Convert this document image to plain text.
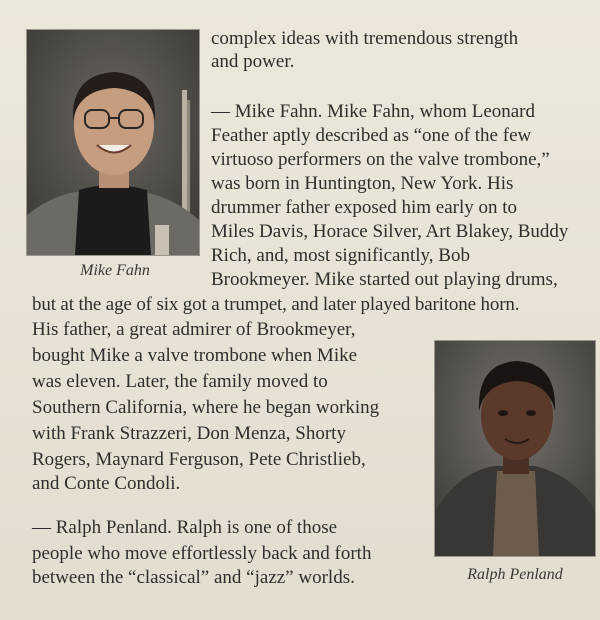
Mike Fahn
Ralph Penland
complex ideas with tremendous strength
and power.
— Mike Fahn. Mike Fahn, whom Leonard
Feather aptly described as “one of the few
virtuoso performers on the valve trombone,”
was born in Huntington, New York. His
drummer father exposed him early on to
Miles Davis, Horace Silver, Art Blakey, Buddy
Rich, and, most significantly, Bob
Brookmeyer. Mike started out playing drums,
but at the age of six got a trumpet, and later played baritone horn.
His father, a great admirer of Brookmeyer,
bought Mike a valve trombone when Mike
was eleven. Later, the family moved to
Southern California, where he began working
with Frank Strazzeri, Don Menza, Shorty
Rogers, Maynard Ferguson, Pete Christlieb,
and Conte Condoli.
— Ralph Penland. Ralph is one of those
people who move effortlessly back and forth
between the “classical” and “jazz” worlds.
